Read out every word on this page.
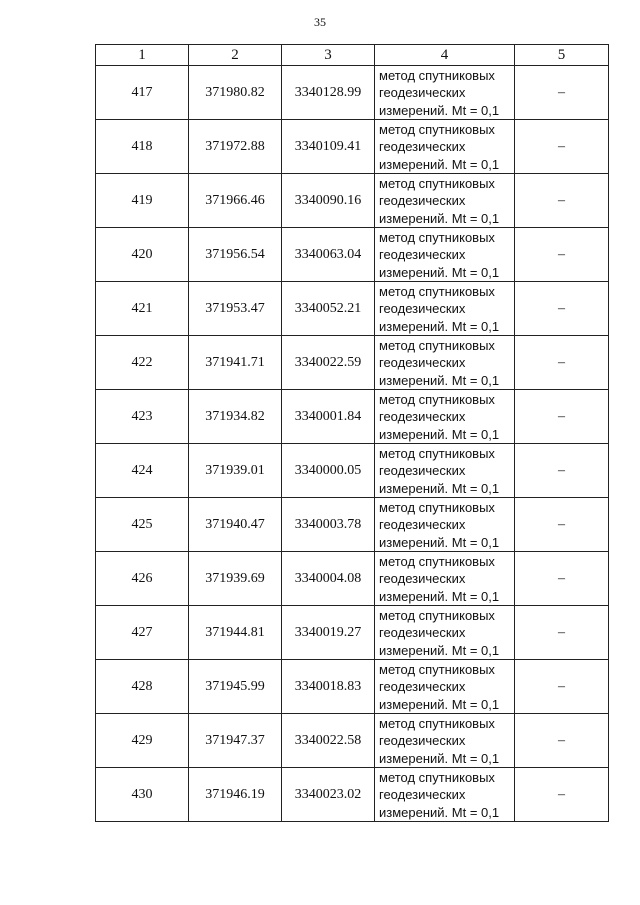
35
1	2	3	4	5
417	371980.82	3340128.99	метод спутниковых
геодезических
измерений. Mt = 0,1	–
418	371972.88	3340109.41	метод спутниковых
геодезических
измерений. Mt = 0,1	–
419	371966.46	3340090.16	метод спутниковых
геодезических
измерений. Mt = 0,1	–
420	371956.54	3340063.04	метод спутниковых
геодезических
измерений. Mt = 0,1	–
421	371953.47	3340052.21	метод спутниковых
геодезических
измерений. Mt = 0,1	–
422	371941.71	3340022.59	метод спутниковых
геодезических
измерений. Mt = 0,1	–
423	371934.82	3340001.84	метод спутниковых
геодезических
измерений. Mt = 0,1	–
424	371939.01	3340000.05	метод спутниковых
геодезических
измерений. Mt = 0,1	–
425	371940.47	3340003.78	метод спутниковых
геодезических
измерений. Mt = 0,1	–
426	371939.69	3340004.08	метод спутниковых
геодезических
измерений. Mt = 0,1	–
427	371944.81	3340019.27	метод спутниковых
геодезических
измерений. Mt = 0,1	–
428	371945.99	3340018.83	метод спутниковых
геодезических
измерений. Mt = 0,1	–
429	371947.37	3340022.58	метод спутниковых
геодезических
измерений. Mt = 0,1	–
430	371946.19	3340023.02	метод спутниковых
геодезических
измерений. Mt = 0,1	–
